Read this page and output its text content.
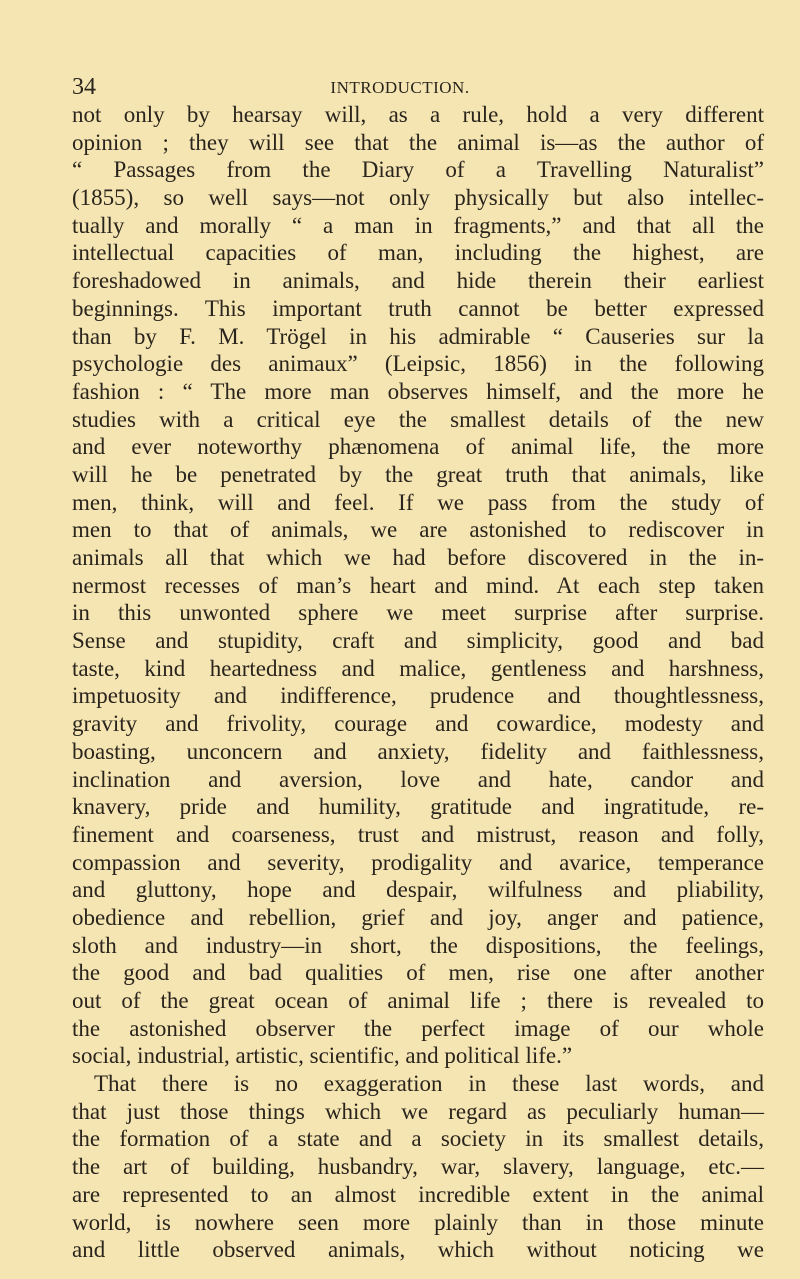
34	INTRODUCTION.
not only by hearsay will, as a rule, hold a very different
opinion ; they will see that the animal is—as the author of
“ Passages from the Diary of a Travelling Naturalist”
(1855), so well says—not only physically but also intellec-
tually and morally “ a man in fragments,” and that all the
intellectual capacities of man, including the highest, are
foreshadowed in animals, and hide therein their earliest
beginnings. This important truth cannot be better expressed
than by F. M. Trögel in his admirable “ Causeries sur la
psychologie des animaux” (Leipsic, 1856) in the following
fashion : “ The more man observes himself, and the more he
studies with a critical eye the smallest details of the new
and ever noteworthy phænomena of animal life, the more
will he be penetrated by the great truth that animals, like
men, think, will and feel. If we pass from the study of
men to that of animals, we are astonished to rediscover in
animals all that which we had before discovered in the in-
nermost recesses of man’s heart and mind. At each step taken
in this unwonted sphere we meet surprise after surprise.
Sense and stupidity, craft and simplicity, good and bad
taste, kind heartedness and malice, gentleness and harshness,
impetuosity and indifference, prudence and thoughtlessness,
gravity and frivolity, courage and cowardice, modesty and
boasting, unconcern and anxiety, fidelity and faithlessness,
inclination and aversion, love and hate, candor and
knavery, pride and humility, gratitude and ingratitude, re-
finement and coarseness, trust and mistrust, reason and folly,
compassion and severity, prodigality and avarice, temperance
and gluttony, hope and despair, wilfulness and pliability,
obedience and rebellion, grief and joy, anger and patience,
sloth and industry—in short, the dispositions, the feelings,
the good and bad qualities of men, rise one after another
out of the great ocean of animal life ; there is revealed to
the astonished observer the perfect image of our whole
social, industrial, artistic, scientific, and political life.”
That there is no exaggeration in these last words, and
that just those things which we regard as peculiarly human—
the formation of a state and a society in its smallest details,
the art of building, husbandry, war, slavery, language, etc.—
are represented to an almost incredible extent in the animal
world, is nowhere seen more plainly than in those minute
and little observed animals, which without noticing we
